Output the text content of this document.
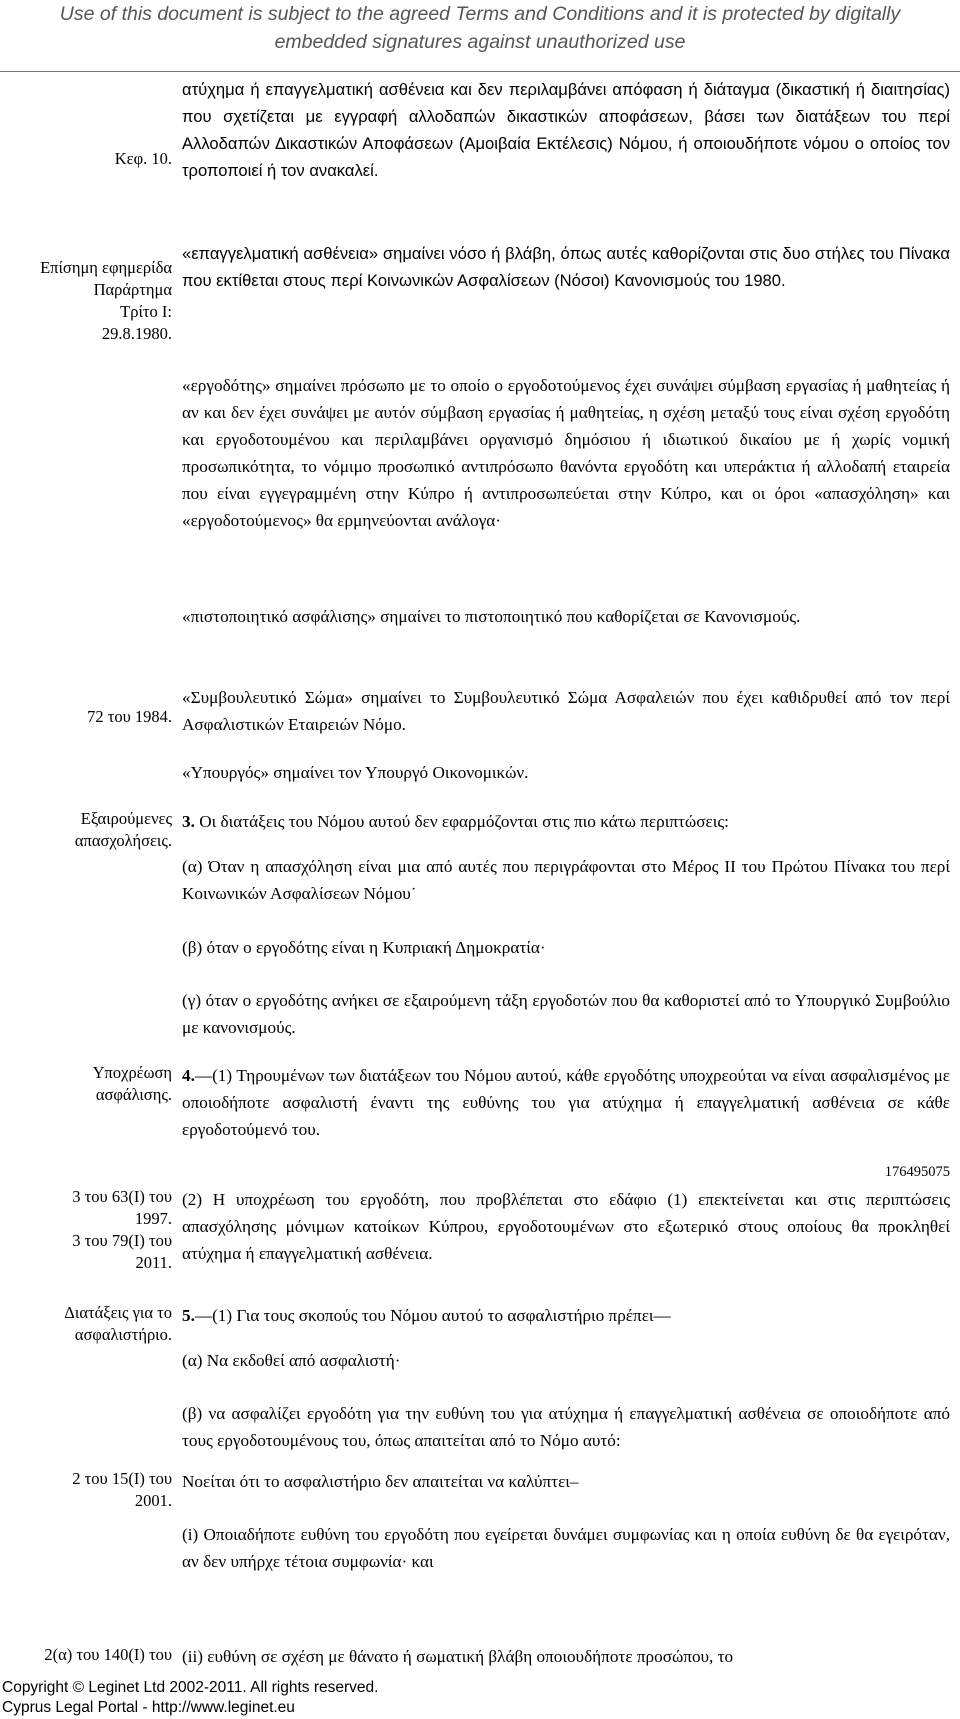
Use of this document is subject to the agreed Terms and Conditions and it is protected by digitally
embedded signatures against unauthorized use
Κεφ. 10.
Επίσημη εφημερίδα
Παράρτημα
Τρίτο Ι:
29.8.1980.
72 του 1984.
Εξαιρούμενες
απασχολήσεις.
Υποχρέωση
ασφάλισης.
3 του 63(Ι) του
1997.
3 του 79(Ι) του
2011.
Διατάξεις για το
ασφαλιστήριο.
2 του 15(Ι) του
2001.
2(α) του 140(Ι) του
ατύχημα ή επαγγελματική ασθένεια και δεν περιλαμβάνει απόφαση ή διάταγμα (δικαστική ή διαιτησίας) που σχετίζεται με εγγραφή αλλοδαπών δικαστικών αποφάσεων, βάσει των διατάξεων του περί Αλλοδαπών Δικαστικών Αποφάσεων (Αμοιβαία Εκτέλεσις) Νόμου, ή οποιουδήποτε νόμου ο οποίος τον τροποποιεί ή τον ανακαλεί.
«επαγγελματική ασθένεια» σημαίνει νόσο ή βλάβη, όπως αυτές καθορίζονται στις δυο στήλες του Πίνακα που εκτίθεται στους περί Κοινωνικών Ασφαλίσεων (Νόσοι) Κανονισμούς του 1980.
«εργοδότης» σημαίνει πρόσωπο με το οποίο ο εργοδοτούμενος έχει συνάψει σύμβαση εργασίας ή μαθητείας ή αν και δεν έχει συνάψει με αυτόν σύμβαση εργασίας ή μαθητείας, η σχέση μεταξύ τους είναι σχέση εργοδότη και εργοδοτουμένου και περιλαμβάνει οργανισμό δημόσιου ή ιδιωτικού δικαίου με ή χωρίς νομική προσωπικότητα, το νόμιμο προσωπικό αντιπρόσωπο θανόντα εργοδότη και υπεράκτια ή αλλοδαπή εταιρεία που είναι εγγεγραμμένη στην Κύπρο ή αντιπροσωπεύεται στην Κύπρο, και οι όροι «απασχόληση» και «εργοδοτούμενος» θα ερμηνεύονται ανάλογα·
«πιστοποιητικό ασφάλισης» σημαίνει το πιστοποιητικό που καθορίζεται σε Κανονισμούς.
«Συμβουλευτικό Σώμα» σημαίνει το Συμβουλευτικό Σώμα Ασφαλειών που έχει καθιδρυθεί από τον περί Ασφαλιστικών Εταιρειών Νόμο.
«Υπουργός» σημαίνει τον Υπουργό Οικονομικών.
3. Οι διατάξεις του Νόμου αυτού δεν εφαρμόζονται στις πιο κάτω περιπτώσεις:
(α) Όταν η απασχόληση είναι μια από αυτές που περιγράφονται στο Μέρος ΙΙ του Πρώτου Πίνακα του περί Κοινωνικών Ασφαλίσεων Νόμου˙
(β) όταν ο εργοδότης είναι η Κυπριακή Δημοκρατία·
(γ) όταν ο εργοδότης ανήκει σε εξαιρούμενη τάξη εργοδοτών που θα καθοριστεί από το Υπουργικό Συμβούλιο με κανονισμούς.
4.—(1) Τηρουμένων των διατάξεων του Νόμου αυτού, κάθε εργοδότης υποχρεούται να είναι ασφαλισμένος με οποιοδήποτε ασφαλιστή έναντι της ευθύνης του για ατύχημα ή επαγγελματική ασθένεια σε κάθε εργοδοτούμενό του.
176495075
(2) Η υποχρέωση του εργοδότη, που προβλέπεται στο εδάφιο (1) επεκτείνεται και στις περιπτώσεις απασχόλησης μόνιμων κατοίκων Κύπρου, εργοδοτουμένων στο εξωτερικό στους οποίους θα προκληθεί ατύχημα ή επαγγελματική ασθένεια.
5.—(1) Για τους σκοπούς του Νόμου αυτού το ασφαλιστήριο πρέπει—
(α) Να εκδοθεί από ασφαλιστή·
(β) να ασφαλίζει εργοδότη για την ευθύνη του για ατύχημα ή επαγγελματική ασθένεια σε οποιοδήποτε από τους εργοδοτουμένους του, όπως απαιτείται από το Νόμο αυτό:
Νοείται ότι το ασφαλιστήριο δεν απαιτείται να καλύπτει–
(i) Οποιαδήποτε ευθύνη του εργοδότη που εγείρεται δυνάμει συμφωνίας και η οποία ευθύνη δε θα εγειρόταν, αν δεν υπήρχε τέτοια συμφωνία· και
(ii) ευθύνη σε σχέση με θάνατο ή σωματική βλάβη οποιουδήποτε προσώπου, το
Copyright © Leginet Ltd 2002-2011. All rights reserved.
Cyprus Legal Portal - http://www.leginet.eu
